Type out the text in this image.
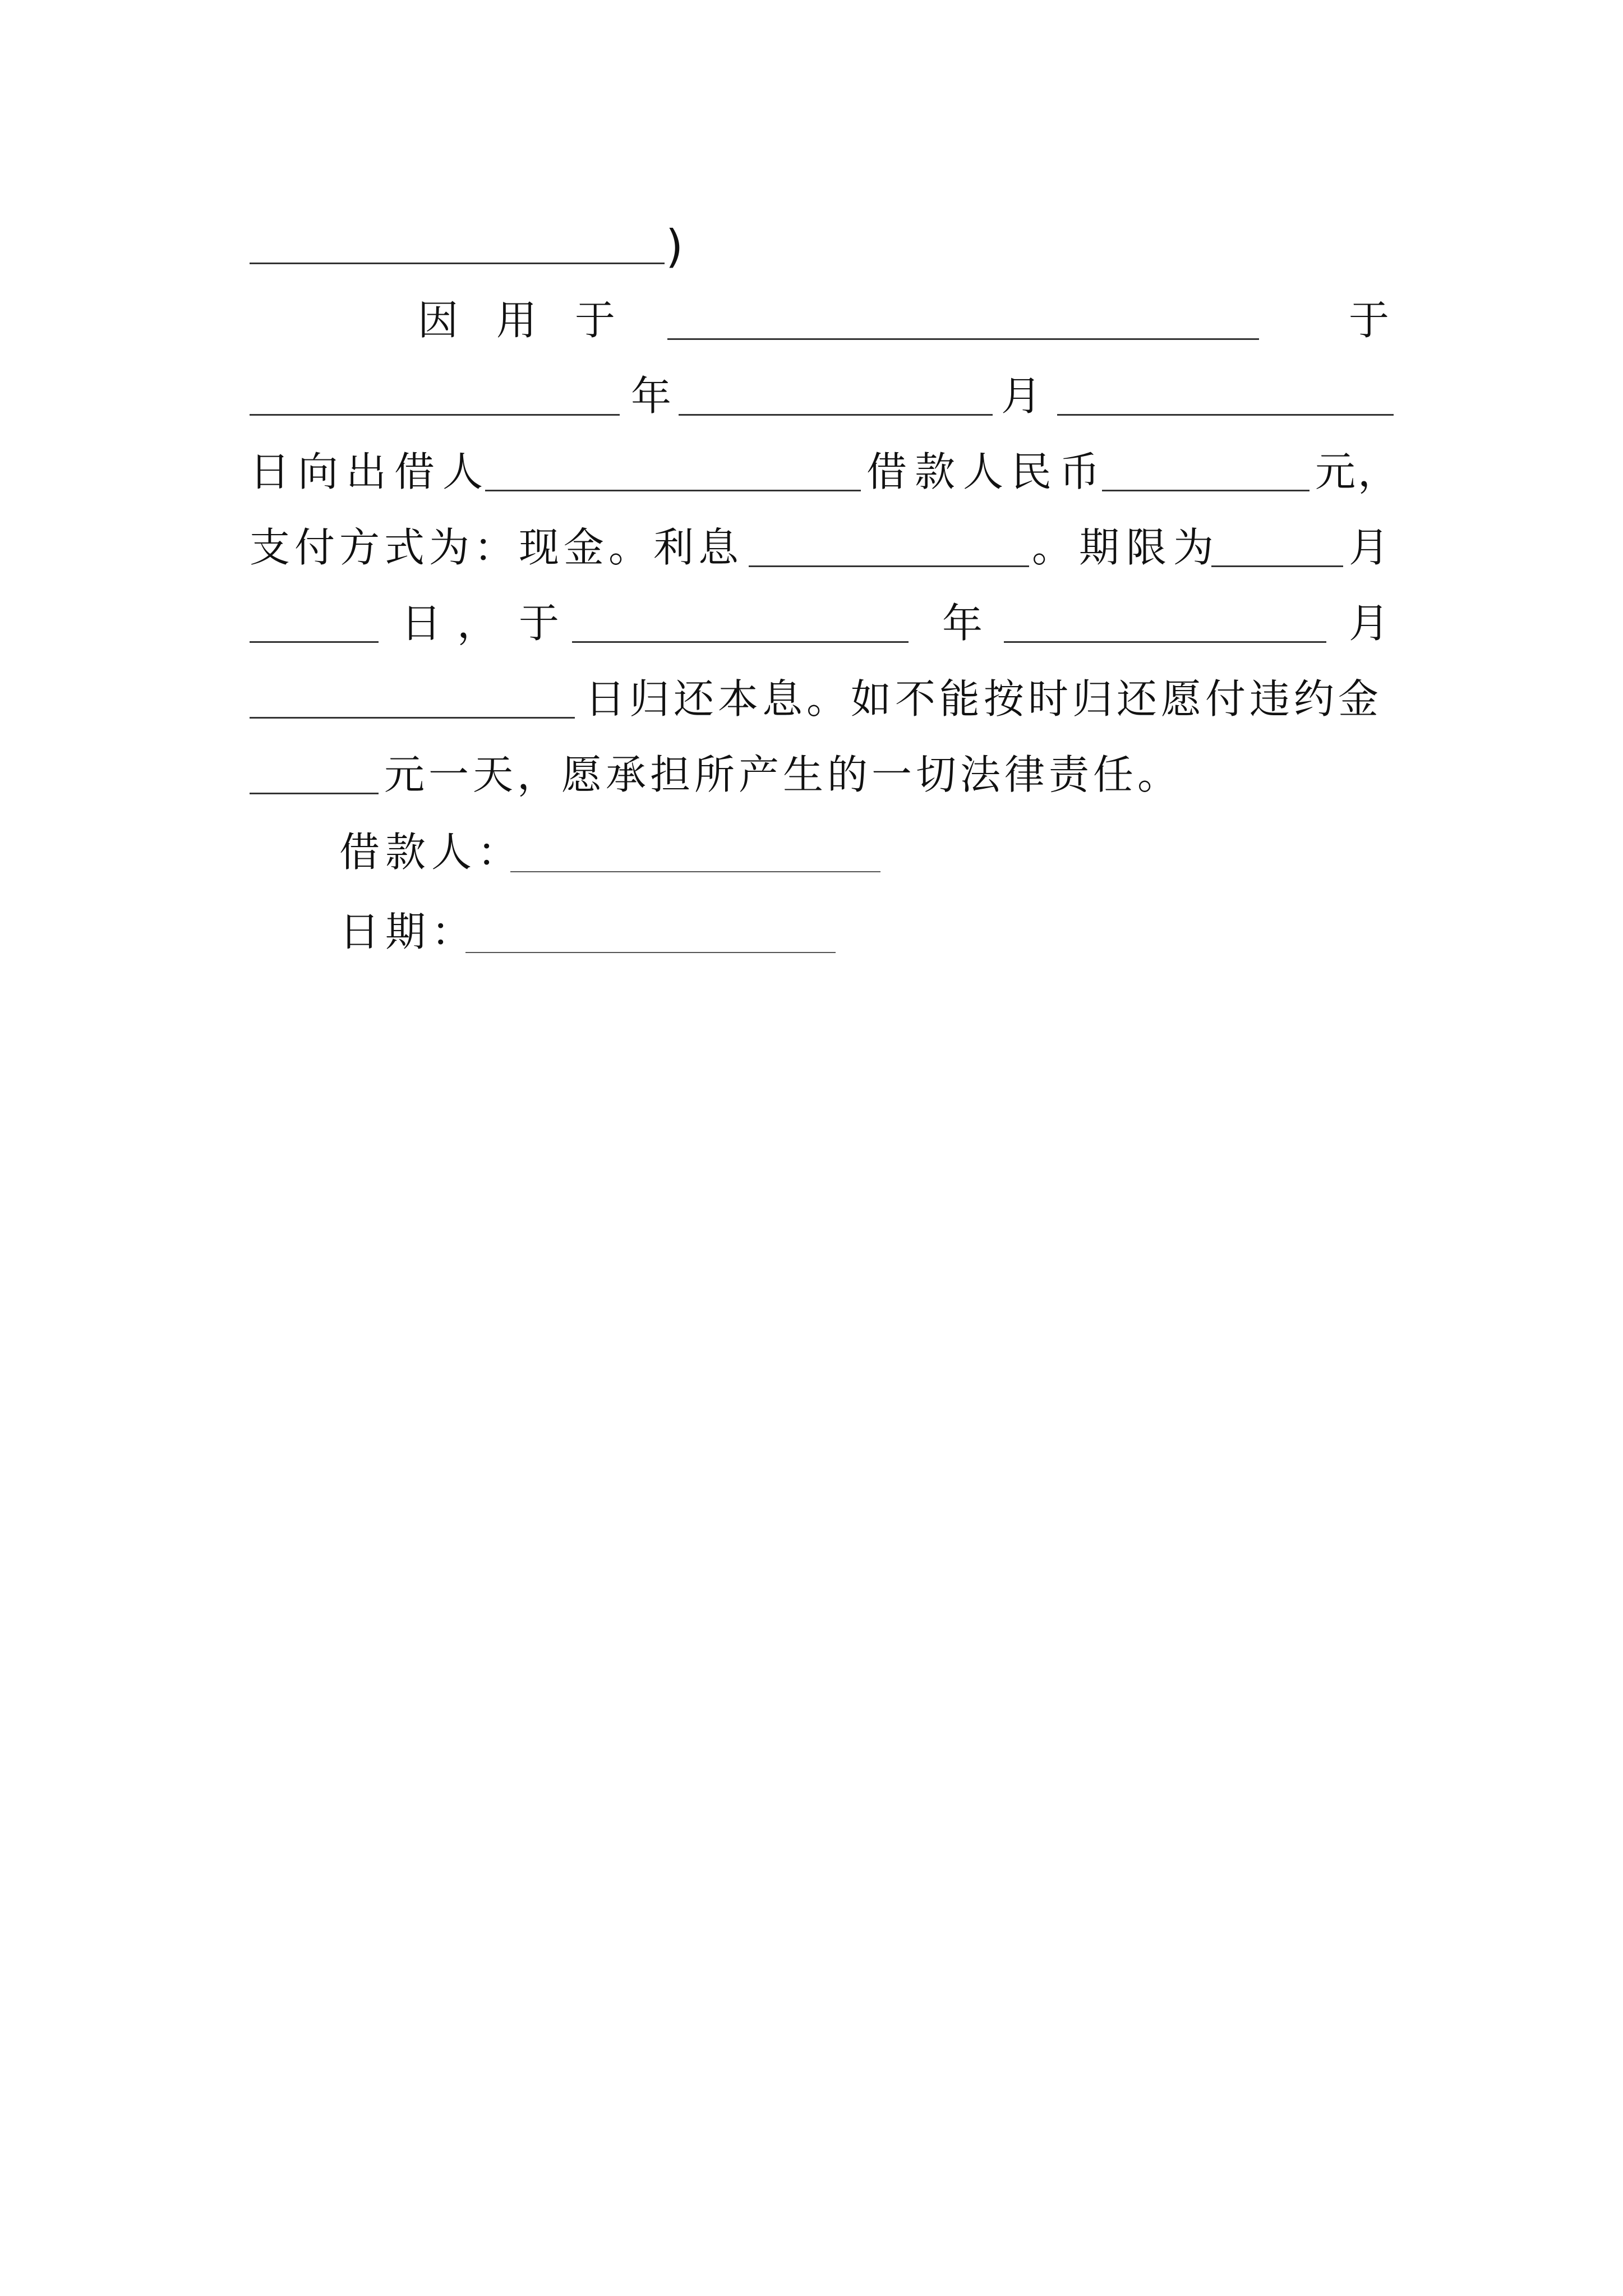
)
因 用 于	于
年	月
日向出借人	借款人民币	元，
支付方式为：现金。利息	。期限为	月
日 ， 于	年	月
日归还本息。如不能按时归还愿付违约金
元一天，愿承担所产生的一切法律责任。
借款人：
日期：
